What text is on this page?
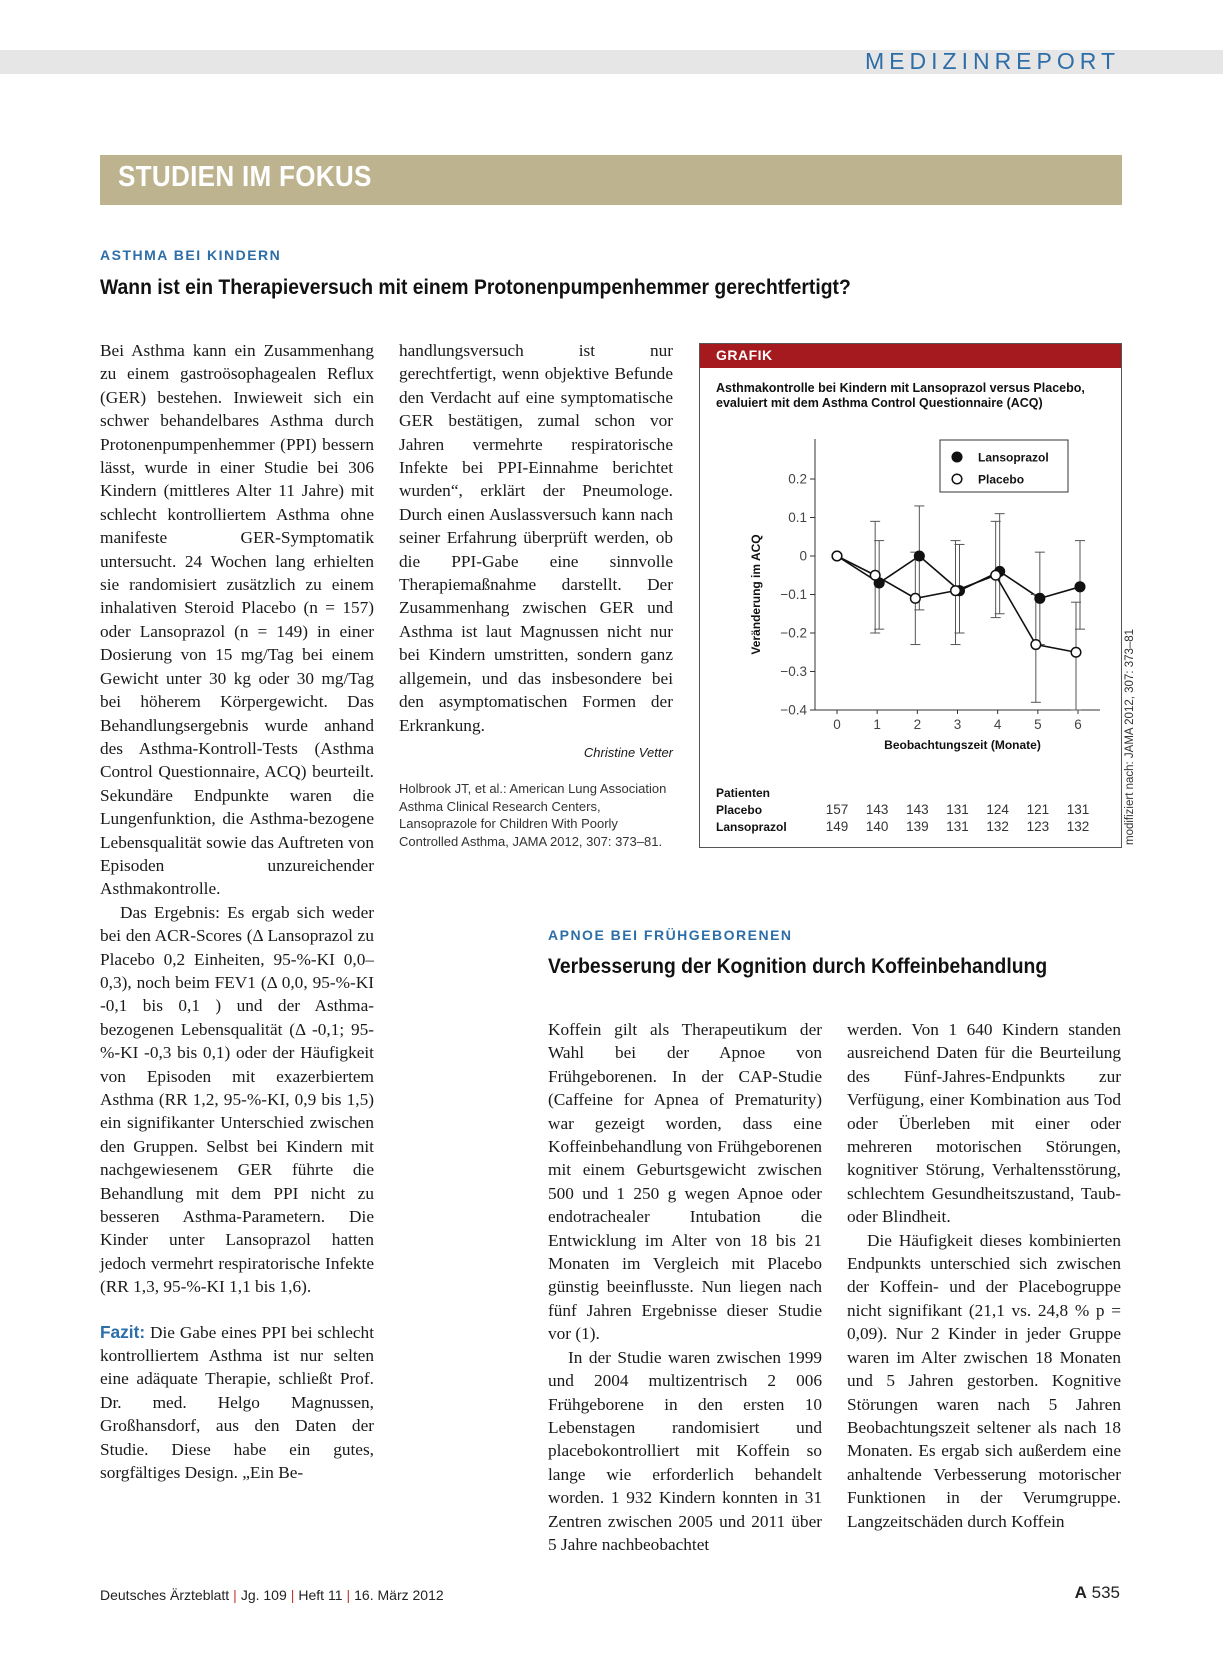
MEDIZINREPORT
STUDIEN IM FOKUS
ASTHMA BEI KINDERN
Wann ist ein Therapieversuch mit einem Protonenpumpenhemmer gerechtfertigt?

Bei Asthma kann ein Zusammenhang zu einem gastroösophagealen Reflux (GER) bestehen. Inwieweit sich ein schwer behandelbares Asthma durch Protonenpumpenhemmer (PPI) bessern lässt, wurde in einer Studie bei 306 Kindern (mittleres Alter 11 Jahre) mit schlecht kontrolliertem Asthma ohne manifeste GER-Symptomatik untersucht. 24 Wochen lang erhielten sie randomisiert zusätzlich zu einem inhalativen Steroid Placebo (n = 157) oder Lansoprazol (n = 149) in einer Dosierung von 15 mg/Tag bei einem Gewicht unter 30 kg oder 30 mg/Tag bei höherem Körpergewicht. Das Behandlungsergebnis wurde anhand des Asthma-Kontroll-Tests (Asthma Control Questionnaire, ACQ) beurteilt. Sekundäre Endpunkte waren die Lungenfunktion, die Asthma-bezogene Lebensqualität sowie das Auftreten von Episoden unzureichender Asthmakontrolle.

Das Ergebnis: Es ergab sich weder bei den ACR-Scores (Δ Lansoprazol zu Placebo 0,2 Einheiten, 95-%-KI 0,0–0,3), noch beim FEV1 (Δ 0,0, 95-%-KI -0,1 bis 0,1 ) und der Asthma-bezogenen Lebensqualität (Δ -0,1; 95-%-KI -0,3 bis 0,1) oder der Häufigkeit von Episoden mit exazerbiertem Asthma (RR 1,2, 95-%-KI, 0,9 bis 1,5) ein signifikanter Unterschied zwischen den Gruppen. Selbst bei Kindern mit nachgewiesenem GER führte die Behandlung mit dem PPI nicht zu besseren Asthma-Parametern. Die Kinder unter Lansoprazol hatten jedoch vermehrt respiratorische Infekte (RR 1,3, 95-%-KI 1,1 bis 1,6).

Fazit: Die Gabe eines PPI bei schlecht kontrolliertem Asthma ist nur selten eine adäquate Therapie, schließt Prof. Dr. med. Helgo Magnussen, Großhansdorf, aus den Daten der Studie. Diese habe ein gutes, sorgfältiges Design. „Ein Be-

handlungsversuch ist nur gerechtfertigt, wenn objektive Befunde den Verdacht auf eine symptomatische GER bestätigen, zumal schon vor Jahren vermehrte respiratorische Infekte bei PPI-Einnahme berichtet wurden“, erklärt der Pneumologe. Durch einen Auslassversuch kann nach seiner Erfahrung überprüft werden, ob die PPI-Gabe eine sinnvolle Therapiemaßnahme darstellt. Der Zusammenhang zwischen GER und Asthma ist laut Magnussen nicht nur bei Kindern umstritten, sondern ganz allgemein, und das insbesondere bei den asymptomatischen Formen der Erkrankung.

Christine Vetter
Holbrook JT, et al.: American Lung Association Asthma Clinical Research Centers, Lansoprazole for Children With Poorly Controlled Asthma, JAMA 2012, 307: 373–81.
GRAFIK
Asthmakontrolle bei Kindern mit Lansoprazol versus Placebo, evaluiert mit dem Asthma Control Questionnaire (ACQ)
0.2
0.1
0
−0.1
−0.2
−0.3
−0.4
0 1 2 3 4 5 6
Beobachtungszeit (Monate)
Veränderung im ACQ
Lansoprazol
Placebo
Patienten
Placebo	157 143 143 131 124 121 131
Lansoprazol	149 140 139 131 132 123 132	modifiziert nach: JAMA 2012, 307: 373–81
APNOE BEI FRÜHGEBORENEN
Verbesserung der Kognition durch Koffeinbehandlung

Koffein gilt als Therapeutikum der Wahl bei der Apnoe von Frühgeborenen. In der CAP-Studie (Caffeine for Apnea of Prematurity) war gezeigt worden, dass eine Koffeinbehandlung von Frühgeborenen mit einem Geburtsgewicht zwischen 500 und 1 250 g wegen Apnoe oder endotrachealer Intubation die Entwicklung im Alter von 18 bis 21 Monaten im Vergleich mit Placebo günstig beeinflusste. Nun liegen nach fünf Jahren Ergebnisse dieser Studie vor (1).

In der Studie waren zwischen 1999 und 2004 multizentrisch 2 006 Frühgeborene in den ersten 10 Lebenstagen randomisiert und placebokontrolliert mit Koffein so lange wie erforderlich behandelt worden. 1 932 Kindern konnten in 31 Zentren zwischen 2005 und 2011 über 5 Jahre nachbeobachtet

werden. Von 1 640 Kindern standen ausreichend Daten für die Beurteilung des Fünf-Jahres-Endpunkts zur Verfügung, einer Kombination aus Tod oder Überleben mit einer oder mehreren motorischen Störungen, kognitiver Störung, Verhaltensstörung, schlechtem Gesundheitszustand, Taub- oder Blindheit.

Die Häufigkeit dieses kombinierten Endpunkts unterschied sich zwischen der Koffein- und der Placebogruppe nicht signifikant (21,1 vs. 24,8 % p = 0,09). Nur 2 Kinder in jeder Gruppe waren im Alter zwischen 18 Monaten und 5 Jahren gestorben. Kognitive Störungen waren nach 5 Jahren Beobachtungszeit seltener als nach 18 Monaten. Es ergab sich außerdem eine anhaltende Verbesserung motorischer Funktionen in der Verumgruppe. Langzeitschäden durch Koffein

Deutsches Ärzteblatt | Jg. 109 | Heft 11 | 16. März 2012	A 535
